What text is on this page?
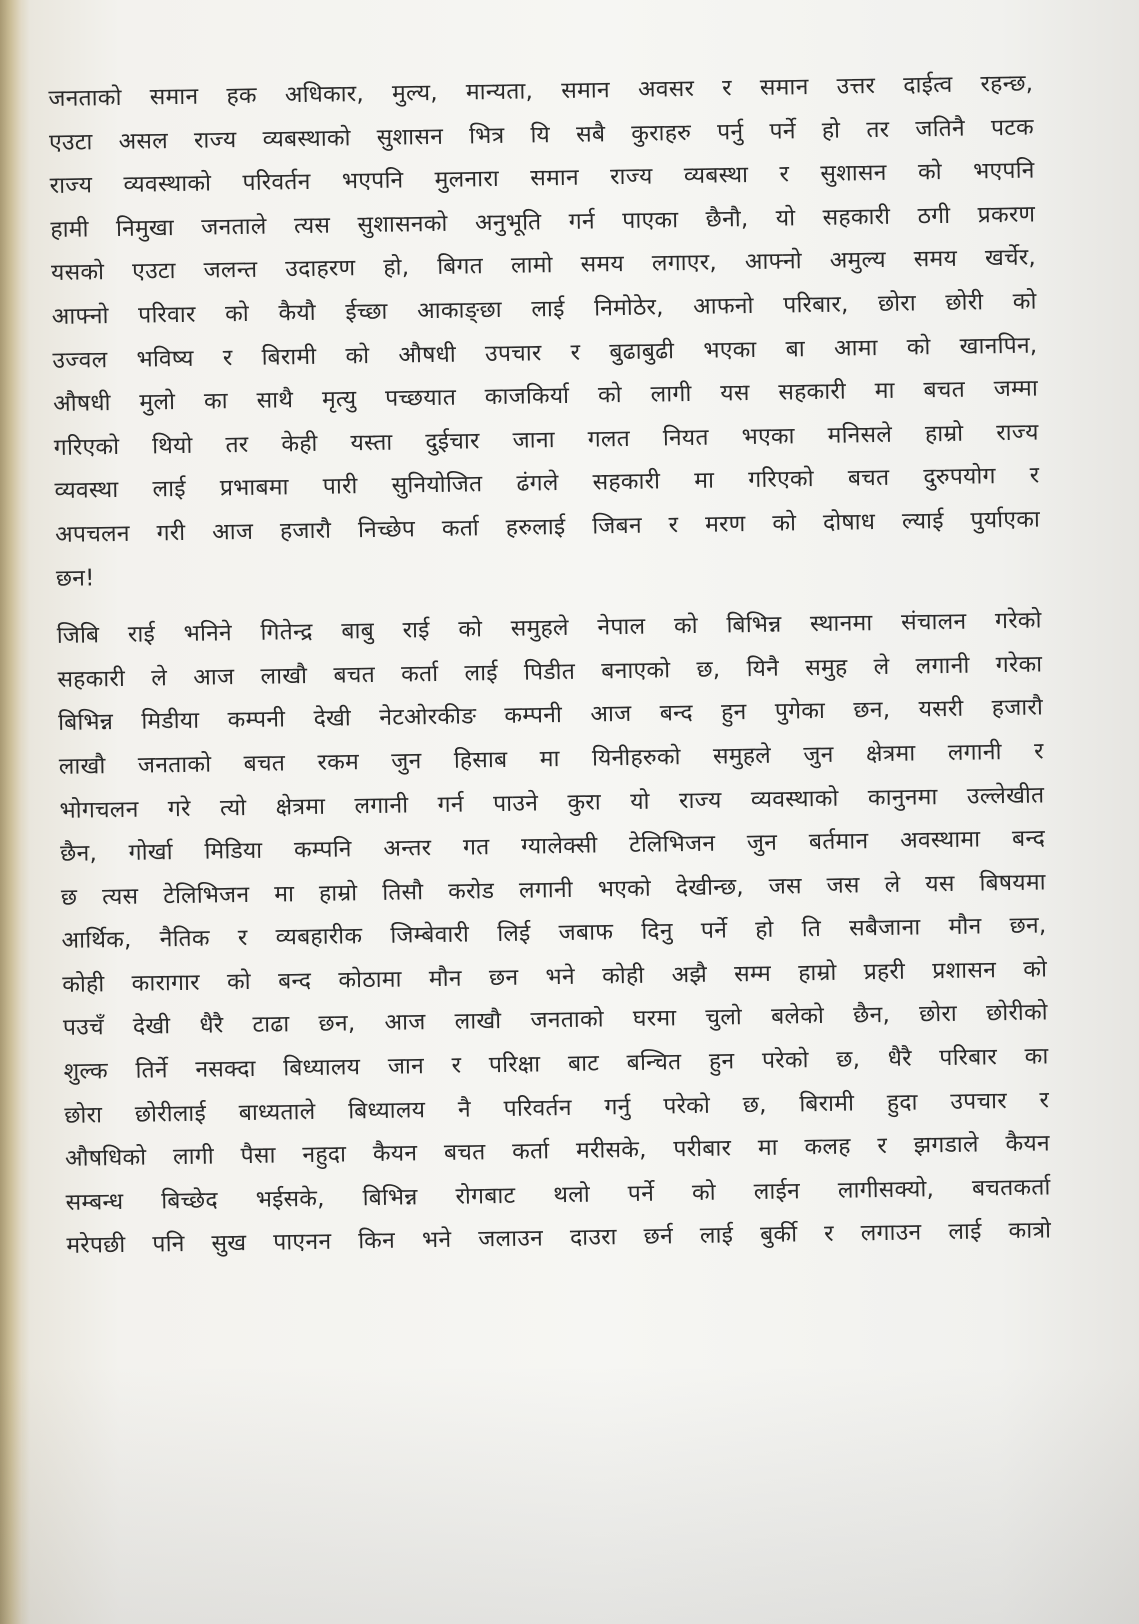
जनताको समान हक अधिकार, मुल्य, मान्यता, समान अवसर र समान उत्तर दाईत्व रहन्छ,
एउटा असल राज्य व्यबस्थाको सुशासन भित्र यि सबै कुराहरु पर्नु पर्ने हो तर जतिनै पटक
राज्य व्यवस्थाको परिवर्तन भएपनि मुलनारा समान राज्य व्यबस्था र सुशासन को भएपनि
हामी निमुखा जनताले त्यस सुशासनको अनुभूति गर्न पाएका छैनौ, यो सहकारी ठगी प्रकरण
यसको एउटा जलन्त उदाहरण हो, बिगत लामो समय लगाएर, आफ्नो अमुल्य समय खर्चेर,
आफ्नो परिवार को कैयौ ईच्छा आकाङ्छा लाई निमोठेर, आफनो परिबार, छोरा छोरी को
उज्वल भविष्य र बिरामी को औषधी उपचार र बुढाबुढी भएका बा आमा को खानपिन,
औषधी मुलो का साथै मृत्यु पच्छयात काजकिर्या को लागी यस सहकारी मा बचत जम्मा
गरिएको थियो तर केही यस्ता दुईचार जाना गलत नियत भएका मनिसले हाम्रो राज्य
व्यवस्था लाई प्रभाबमा पारी सुनियोजित ढंगले सहकारी मा गरिएको बचत दुरुपयोग र
अपचलन गरी आज हजारौ निच्छेप कर्ता हरुलाई जिबन र मरण को दोषाध ल्याई पुर्याएका
छन!
जिबि राई भनिने गितेन्द्र बाबु राई को समुहले नेपाल को बिभिन्न स्थानमा संचालन गरेको
सहकारी ले आज लाखौ बचत कर्ता लाई पिडीत बनाएको छ, यिनै समुह ले लगानी गरेका
बिभिन्न मिडीया कम्पनी देखी नेटओरकीङ कम्पनी आज बन्द हुन पुगेका छन, यसरी हजारौ
लाखौ जनताको बचत रकम जुन हिसाब मा यिनीहरुको समुहले जुन क्षेत्रमा लगानी र
भोगचलन गरे त्यो क्षेत्रमा लगानी गर्न पाउने कुरा यो राज्य व्यवस्थाको कानुनमा उल्लेखीत
छैन, गोर्खा मिडिया कम्पनि अन्तर गत ग्यालेक्सी टेलिभिजन जुन बर्तमान अवस्थामा बन्द
छ त्यस टेलिभिजन मा हाम्रो तिसौ करोड लगानी भएको देखीन्छ, जस जस ले यस बिषयमा
आर्थिक, नैतिक र व्यबहारीक जिम्बेवारी लिई जबाफ दिनु पर्ने हो ति सबैजाना मौन छन,
कोही कारागार को बन्द कोठामा मौन छन भने कोही अझै सम्म हाम्रो प्रहरी प्रशासन को
पउचँ देखी धैरै टाढा छन, आज लाखौ जनताको घरमा चुलो बलेको छैन, छोरा छोरीको
शुल्क तिर्ने नसक्दा बिध्यालय जान र परिक्षा बाट बन्चित हुन परेको छ, धैरै परिबार का
छोरा छोरीलाई बाध्यताले बिध्यालय नै परिवर्तन गर्नु परेको छ, बिरामी हुदा उपचार र
औषधिको लागी पैसा नहुदा कैयन बचत कर्ता मरीसके, परीबार मा कलह र झगडाले कैयन
सम्बन्ध बिच्छेद भईसके, बिभिन्न रोगबाट थलो पर्ने को लाईन लागीसक्यो, बचतकर्ता
मरेपछी पनि सुख पाएनन किन भने जलाउन दाउरा छर्न लाई बुर्की र लगाउन लाई कात्रो
